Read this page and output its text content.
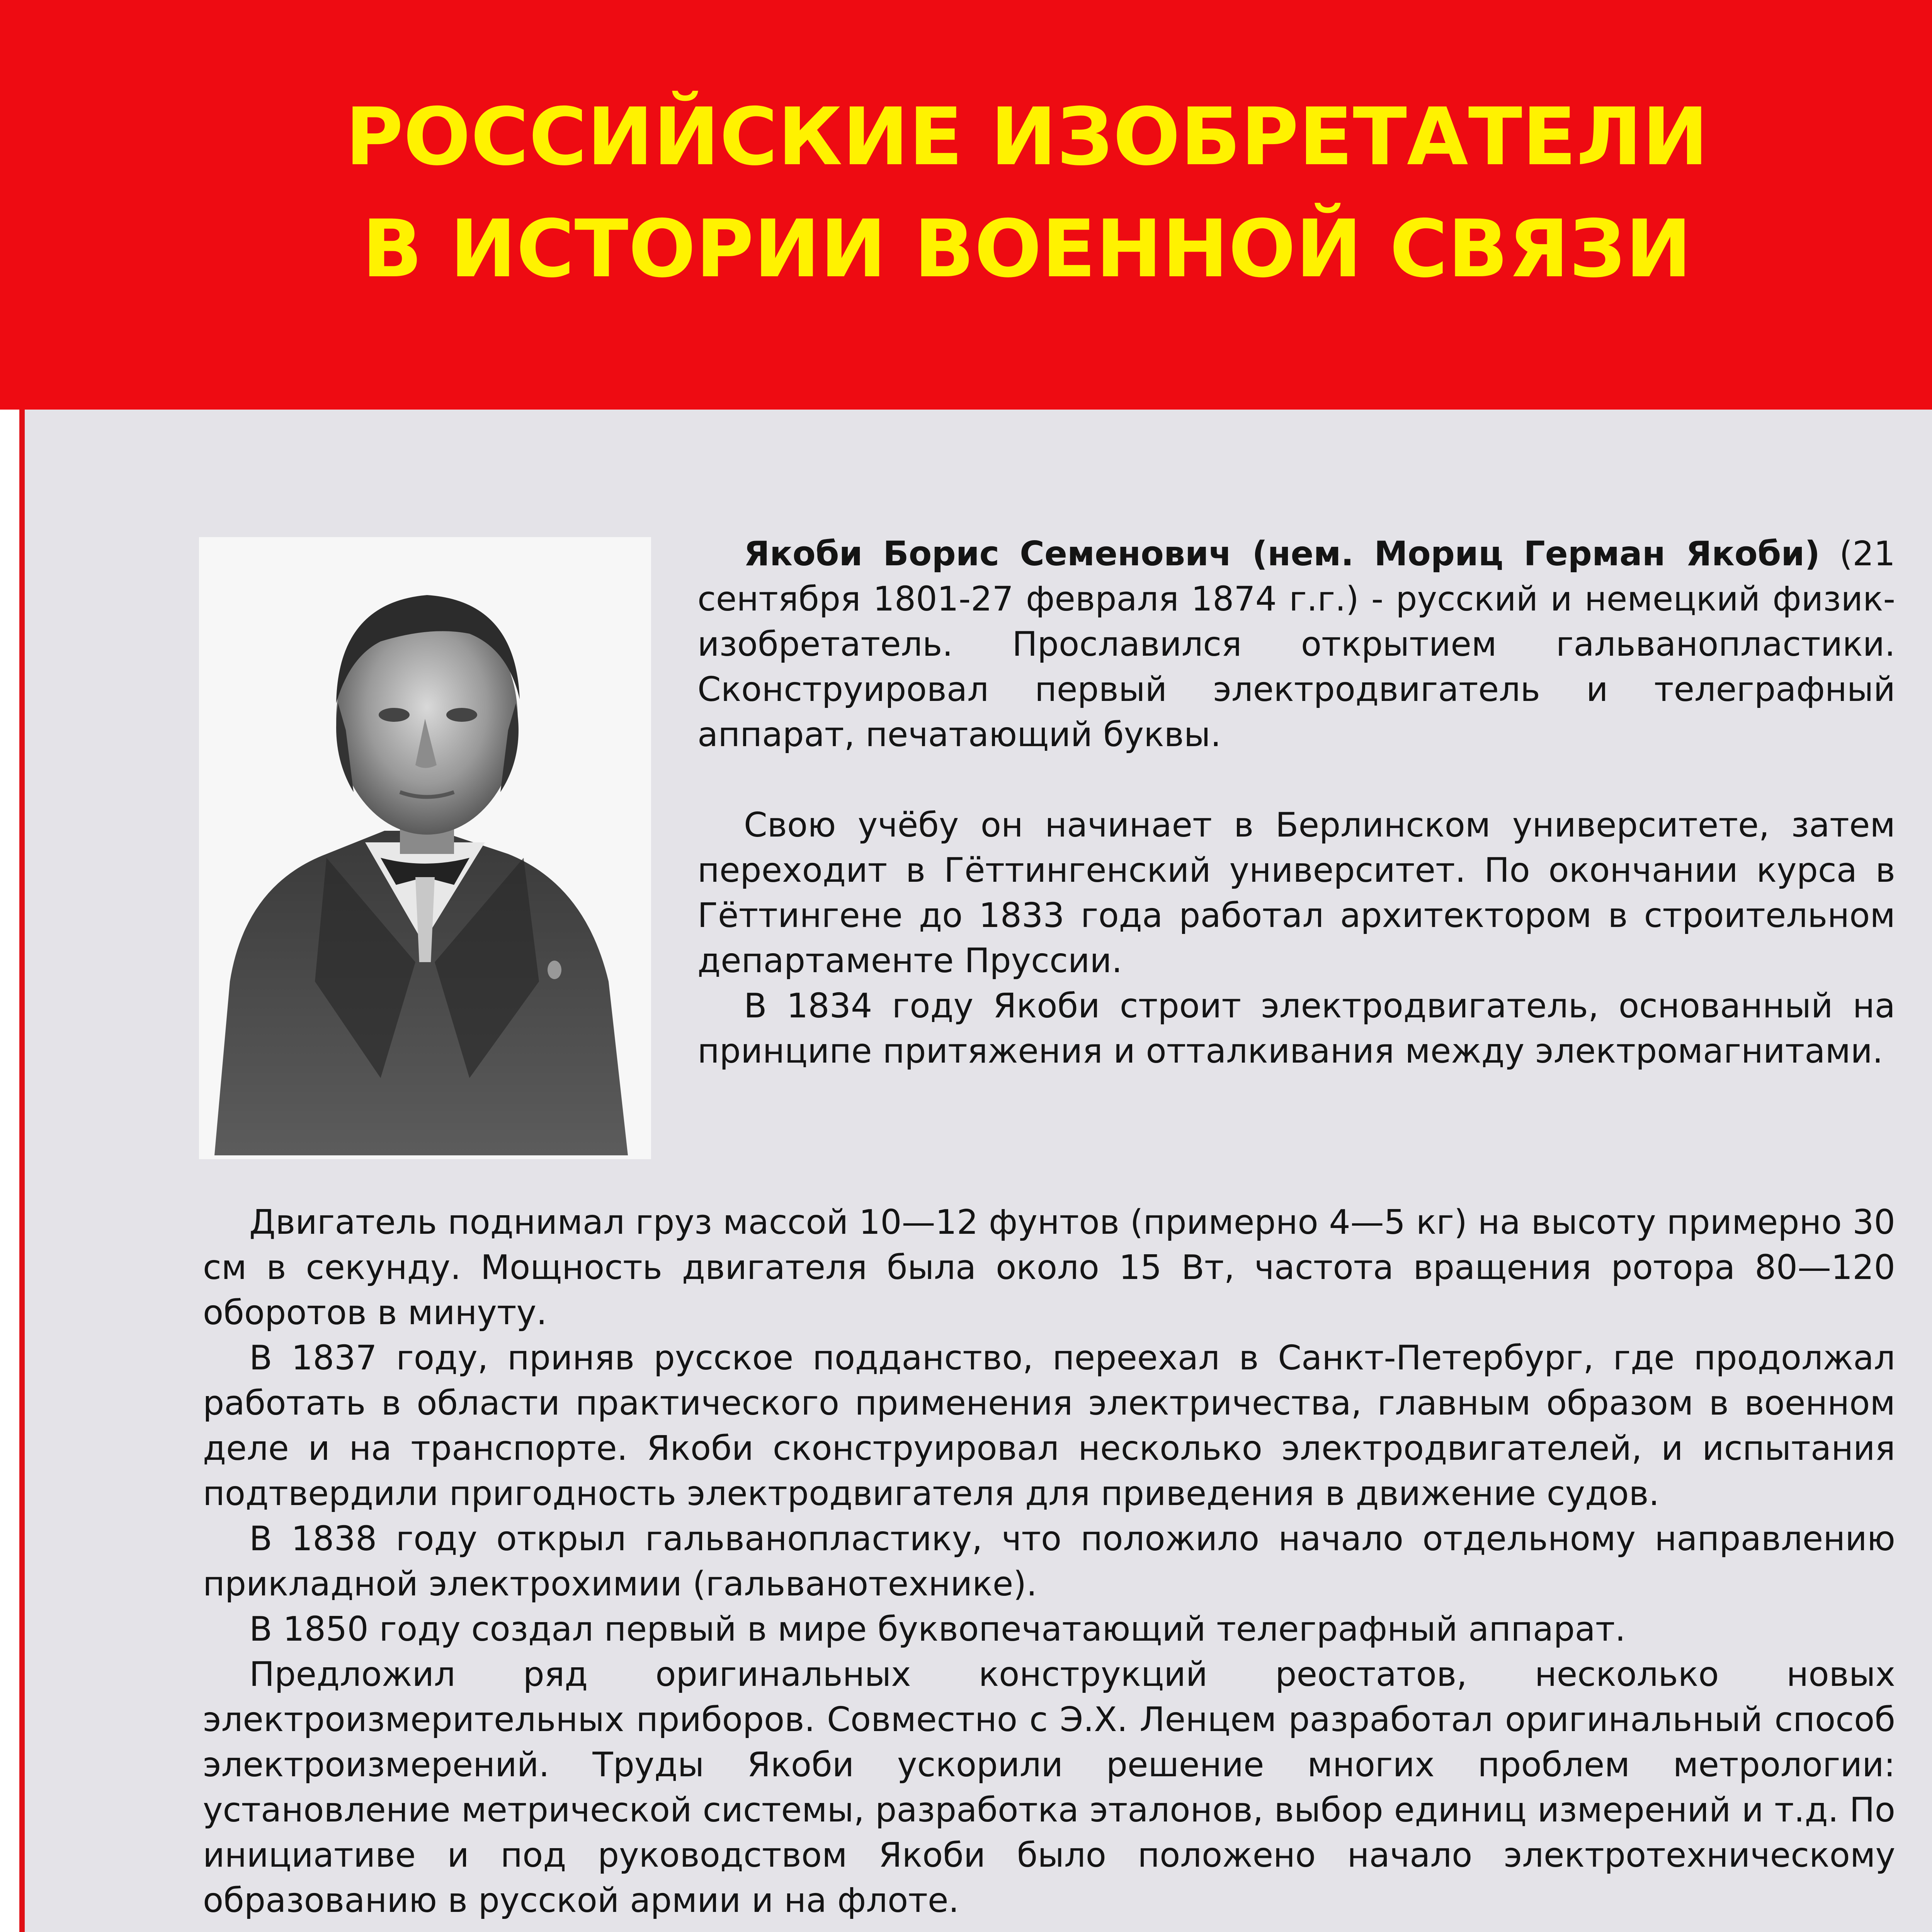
РОССИЙСКИЕ ИЗОБРЕТАТЕЛИ
В ИСТОРИИ ВОЕННОЙ СВЯЗИ

Якоби Борис Семенович (нем. Мориц Герман Якоби) (21 сентября 1801-27 февраля 1874 г.г.) - русский и немецкий физик-изобретатель. Прославился открытием гальванопластики. Сконструировал первый электродвигатель и телеграфный аппарат, печатающий буквы.

Свою учёбу он начинает в Берлинском университете, затем переходит в Гёттингенский университет. По окончании курса в Гёттингене до 1833 года работал архитектором в строительном департаменте Пруссии.

В 1834 году Якоби строит электродвигатель, основанный на принципе притяжения и отталкивания между электромагнитами.

Двигатель поднимал груз массой 10—12 фунтов (примерно 4—5 кг) на высоту примерно 30 см в секунду. Мощность двигателя была около 15 Вт, частота вращения ротора 80—120 оборотов в минуту.

В 1837 году, приняв русское подданство, переехал в Санкт-Петербург, где продолжал работать в области практического применения электричества, главным образом в военном деле и на транспорте. Якоби сконструировал несколько электродвигателей, и испытания подтвердили пригодность электродвигателя для приведения в движение судов.

В 1838 году открыл гальванопластику, что положило начало отдельному направлению прикладной электрохимии (гальванотехнике).

В 1850 году создал первый в мире буквопечатающий телеграфный аппарат.

Предложил ряд оригинальных конструкций реостатов, несколько новых электроизмерительных приборов. Совместно с Э.Х. Ленцем разработал оригинальный способ электроизмерений. Труды Якоби ускорили решение многих проблем метрологии: установление метрической системы, разработка эталонов, выбор единиц измерений и т.д. По инициативе и под руководством Якоби было положено начало электротехническому образованию в русской армии и на флоте.
